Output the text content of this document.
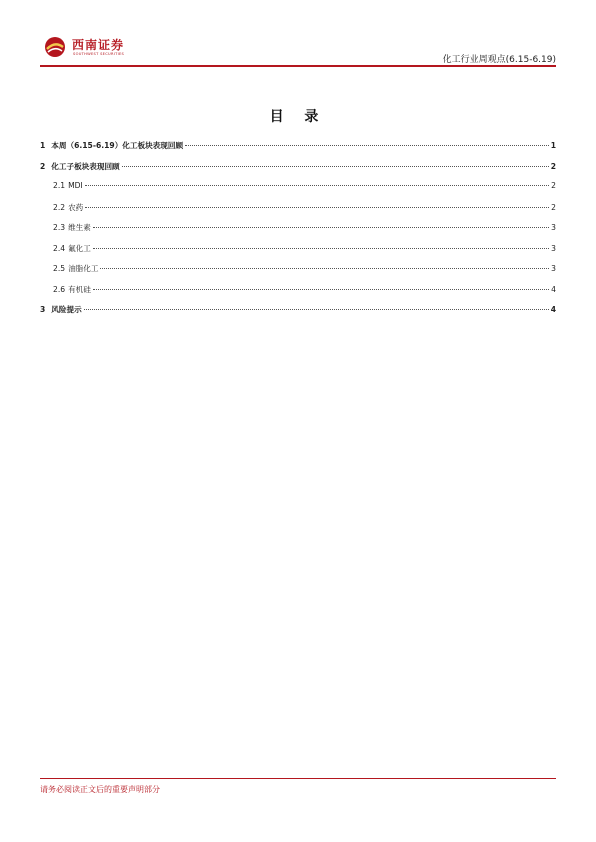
西南证券
SOUTHWEST SECURITIES
化工行业周观点(6.15-6.19)
目 录
1 本周（6.15-6.19）化工板块表现回顾	1
2 化工子板块表现回顾	2
2.1 MDI	2
2.2 农药	2
2.3 维生素	3
2.4 氟化工	3
2.5 油脂化工	3
2.6 有机硅	4
3 风险提示	4
请务必阅读正文后的重要声明部分
